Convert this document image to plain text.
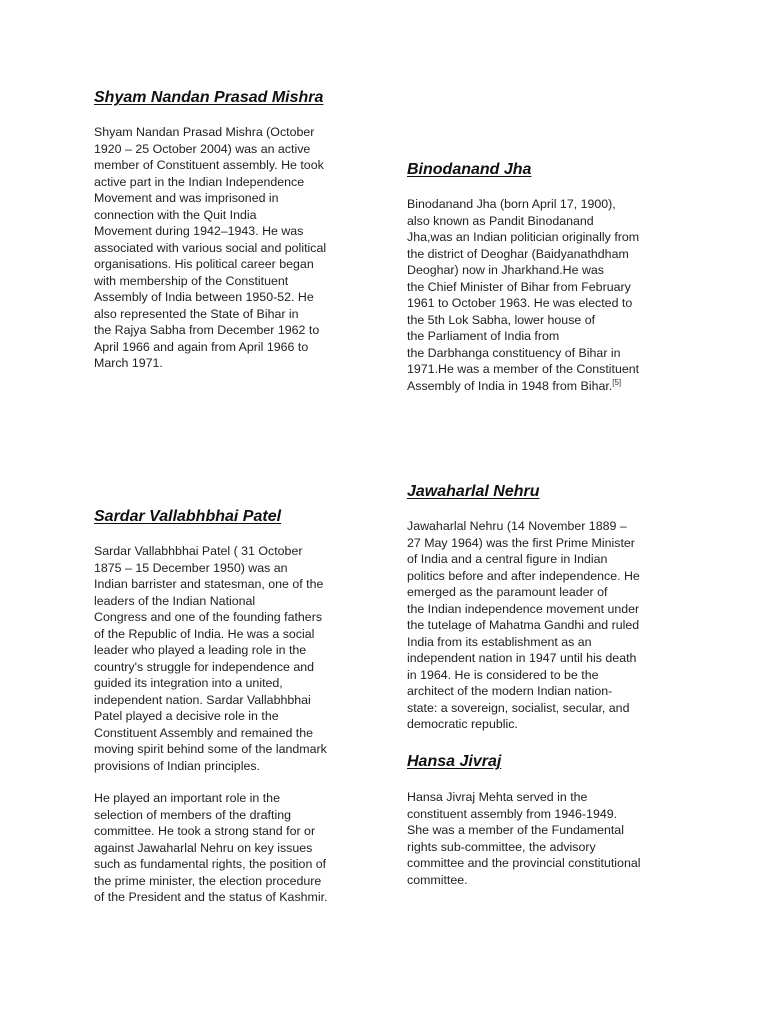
Shyam Nandan Prasad Mishra
Shyam Nandan Prasad Mishra (October
1920 – 25 October 2004) was an active
member of Constituent assembly. He took
active part in the Indian Independence
Movement and was imprisoned in
connection with the Quit India
Movement during 1942–1943. He was
associated with various social and political
organisations. His political career began
with membership of the Constituent
Assembly of India between 1950-52. He
also represented the State of Bihar in
the Rajya Sabha from December 1962 to
April 1966 and again from April 1966 to
March 1971.
Binodanand Jha
Binodanand Jha (born April 17, 1900),
also known as Pandit Binodanand
Jha,was an Indian politician originally from
the district of Deoghar (Baidyanathdham
Deoghar) now in Jharkhand.He was
the Chief Minister of Bihar from February
1961 to October 1963. He was elected to
the 5th Lok Sabha, lower house of
the Parliament of India from
the Darbhanga constituency of Bihar in
1971.He was a member of the Constituent
Assembly of India in 1948 from Bihar.[5]
Jawaharlal Nehru
Jawaharlal Nehru (14 November 1889 –
27 May 1964) was the first Prime Minister
of India and a central figure in Indian
politics before and after independence. He
emerged as the paramount leader of
the Indian independence movement under
the tutelage of Mahatma Gandhi and ruled
India from its establishment as an
independent nation in 1947 until his death
in 1964. He is considered to be the
architect of the modern Indian nation-
state: a sovereign, socialist, secular, and
democratic republic.
Sardar Vallabhbhai Patel
Sardar Vallabhbhai Patel ( 31 October
1875 – 15 December 1950) was an
Indian barrister and statesman, one of the
leaders of the Indian National
Congress and one of the founding fathers
of the Republic of India. He was a social
leader who played a leading role in the
country's struggle for independence and
guided its integration into a united,
independent nation. Sardar Vallabhbhai
Patel played a decisive role in the
Constituent Assembly and remained the
moving spirit behind some of the landmark
provisions of Indian principles.
He played an important role in the
selection of members of the drafting
committee. He took a strong stand for or
against Jawaharlal Nehru on key issues
such as fundamental rights, the position of
the prime minister, the election procedure
of the President and the status of Kashmir.
Hansa Jivraj
Hansa Jivraj Mehta served in the
constituent assembly from 1946-1949.
She was a member of the Fundamental
rights sub-committee, the advisory
committee and the provincial constitutional
committee.
